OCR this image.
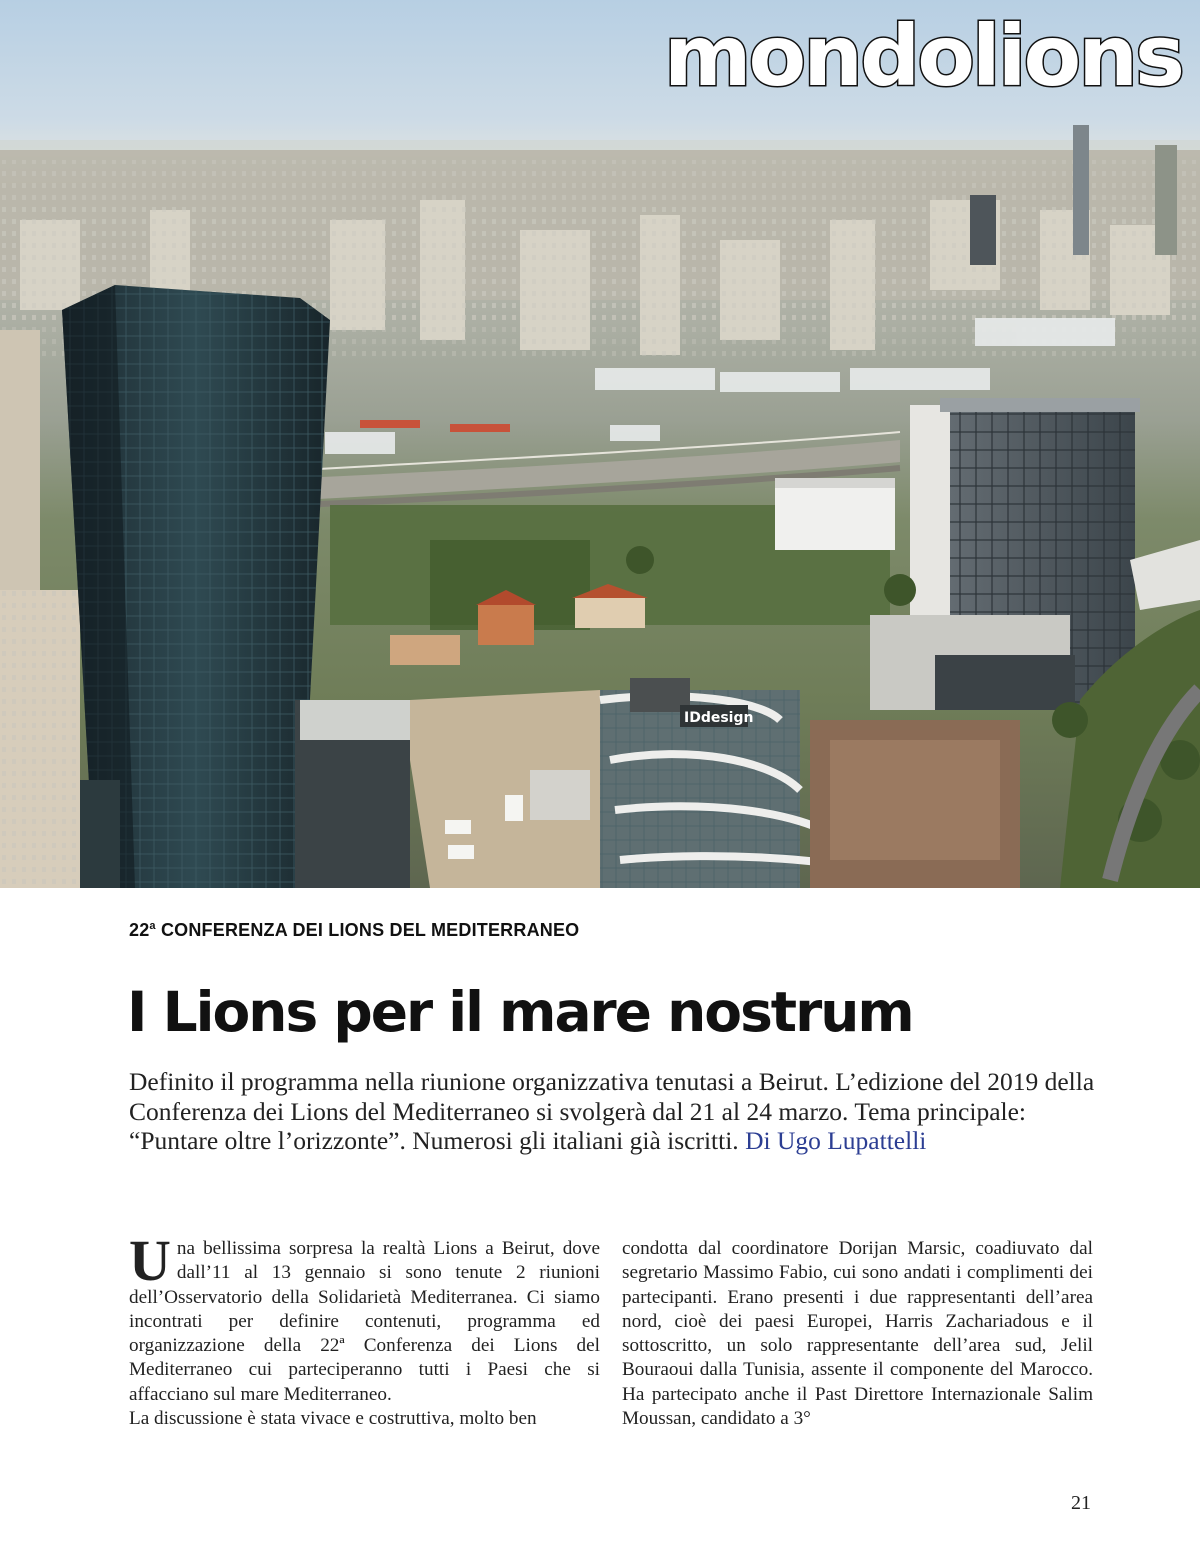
IDdesign
mondolions
22$^a$ CONFERENZA DEI LIONS DEL MEDITERRANEO
I Lions per il mare nostrum
Definito il programma nella riunione organizzativa tenutasi a Beirut. L’edizione del 2019 della Conferenza dei Lions del Mediterraneo si svolgerà dal 21 al 24 marzo. Tema principale: “Puntare oltre l’orizzonte”. Numerosi gli italiani già iscritti. Di Ugo Lupattelli

Una bellissima sorpresa la realtà Lions a Beirut, dove dall’11 al 13 gennaio si sono tenute 2 riunioni dell’Osservatorio della Solidarietà Mediterranea. Ci siamo incontrati per definire contenuti, programma ed organizzazione della 22ª Conferenza dei Lions del Mediterraneo cui parteciperanno tutti i Paesi che si affacciano sul mare Mediterraneo.

La discussione è stata vivace e costruttiva, molto ben

condotta dal coordinatore Dorijan Marsic, coadiuvato dal segretario Massimo Fabio, cui sono andati i complimenti dei partecipanti. Erano presenti i due rappresentanti dell’area nord, cioè dei paesi Europei, Harris Zachariadous e il sottoscritto, un solo rappresentante dell’area sud, Jelil Bouraoui dalla Tunisia, assente il componente del Marocco. Ha partecipato anche il Past Direttore Internazionale Salim Moussan, candidato a 3°

21
